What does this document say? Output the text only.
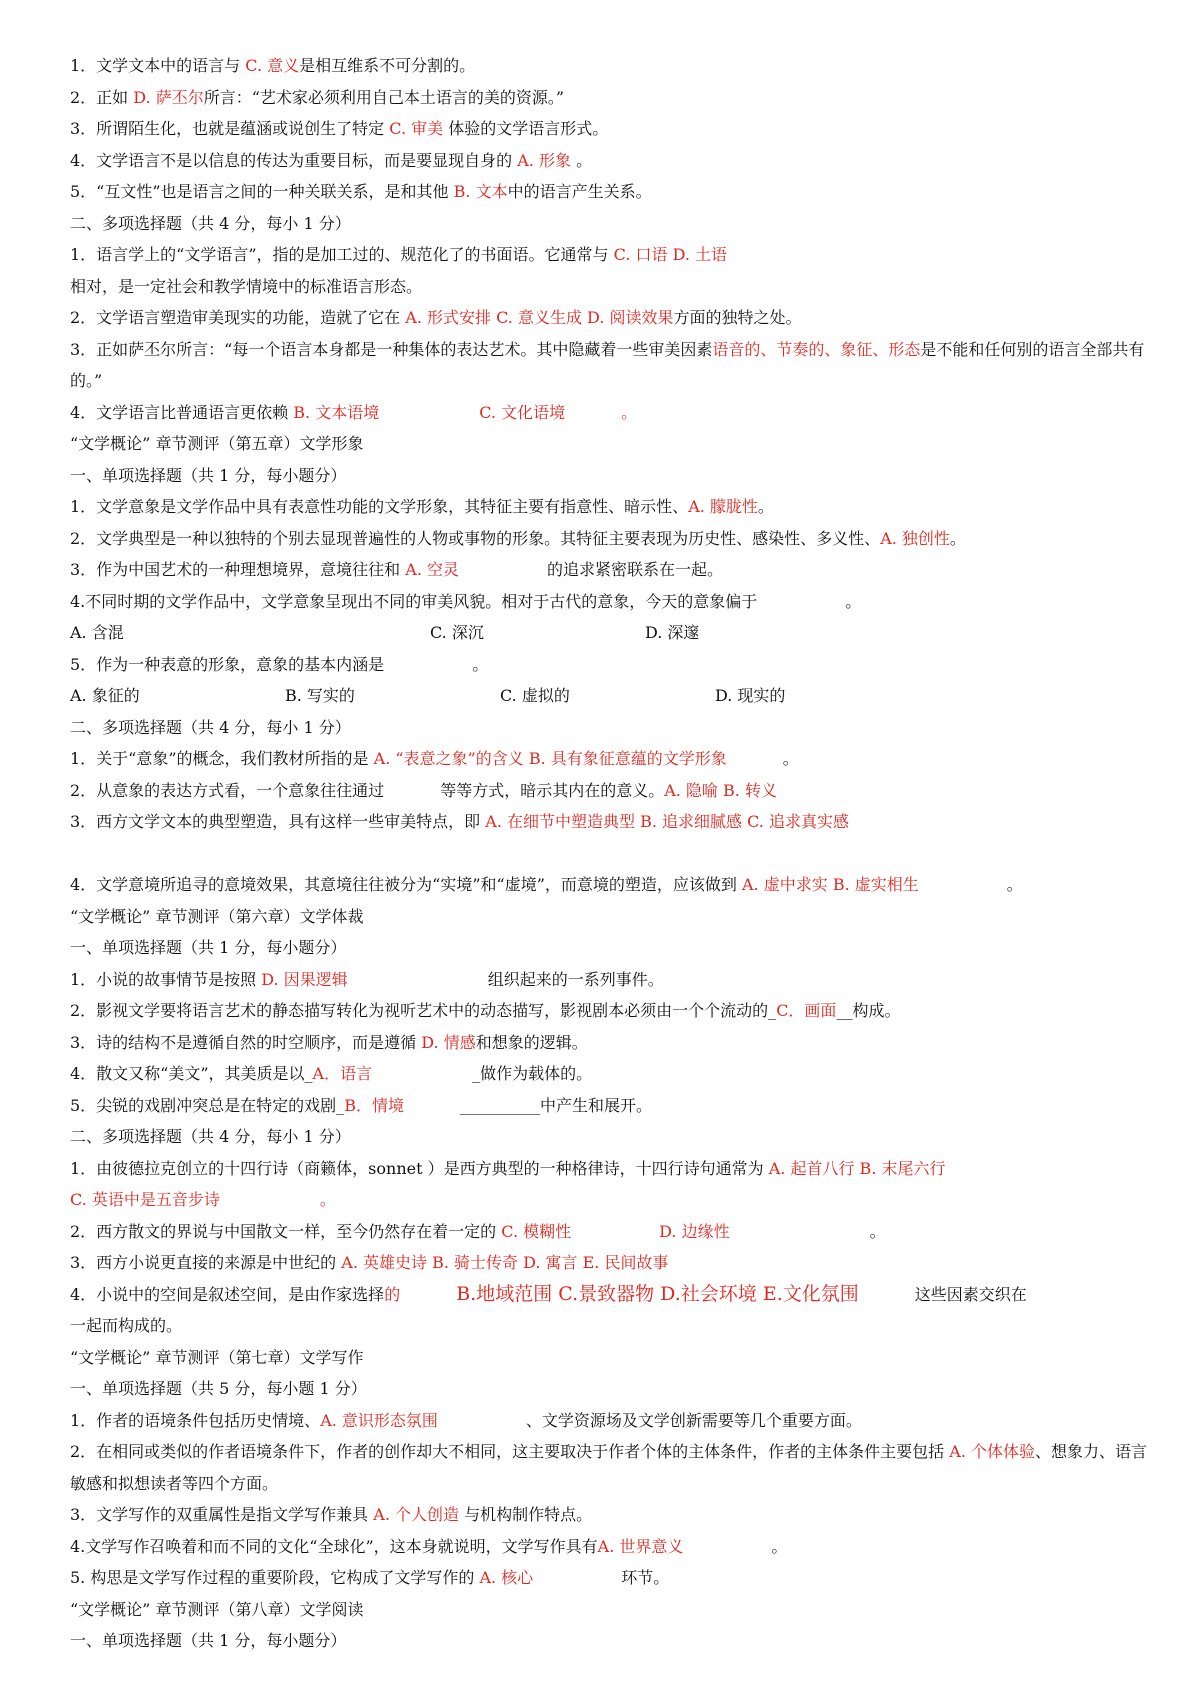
1．文学文本中的语言与 C. 意义是相互维系不可分割的。
2．正如 D. 萨丕尔所言：“艺术家必须利用自己本土语言的美的资源。”
3．所谓陌生化，也就是蕴涵或说创生了特定 C. 审美 体验的文学语言形式。
4．文学语言不是以信息的传达为重要目标，而是要显现自身的 A. 形象 。
5．“互文性”也是语言之间的一种关联关系，是和其他 B. 文本中的语言产生关系。
二、多项选择题（共 4 分，每小 1 分）
1．语言学上的“文学语言”，指的是加工过的、规范化了的书面语。它通常与 C. 口语 D. 土语
相对，是一定社会和教学情境中的标准语言形态。
2．文学语言塑造审美现实的功能，造就了它在 A. 形式安排 C. 意义生成 D. 阅读效果方面的独特之处。
3．正如萨丕尔所言：“每一个语言本身都是一种集体的表达艺术。其中隐藏着一些审美因素语音的、节奏的、象征、形态是不能和任何别的语言全部共有的。”
4．文学语言比普通语言更依赖 B. 文本语境	C. 文化语境	。
“文学概论” 章节测评（第五章）文学形象
一、单项选择题（共 1 分，每小题分）
1．文学意象是文学作品中具有表意性功能的文学形象，其特征主要有指意性、暗示性、A. 朦胧性。
2．文学典型是一种以独特的个别去显现普遍性的人物或事物的形象。其特征主要表现为历史性、感染性、多义性、A. 独创性。
3．作为中国艺术的一种理想境界，意境往往和 A. 空灵	的追求紧密联系在一起。
4.不同时期的文学作品中，文学意象呈现出不同的审美风貌。相对于古代的意象，今天的意象偏于	。
A. 含混	C. 深沉	D. 深邃
5．作为一种表意的形象，意象的基本内涵是	。
A. 象征的	B. 写实的	C. 虚拟的	D. 现实的
二、多项选择题（共 4 分，每小 1 分）
1．关于“意象”的概念，我们教材所指的是 A. “表意之象”的含义 B. 具有象征意蕴的文学形象	。
2．从意象的表达方式看，一个意象往往通过	等等方式，暗示其内在的意义。A. 隐喻 B. 转义
3．西方文学文本的典型塑造，具有这样一些审美特点，即 A. 在细节中塑造典型 B. 追求细腻感 C. 追求真实感
4．文学意境所追寻的意境效果，其意境往往被分为“实境”和“虚境”，而意境的塑造，应该做到 A. 虚中求实 B. 虚实相生	。
“文学概论” 章节测评（第六章）文学体裁
一、单项选择题（共 1 分，每小题分）
1．小说的故事情节是按照 D. 因果逻辑	组织起来的一系列事件。
2．影视文学要将语言艺术的静态描写转化为视听艺术中的动态描写，影视剧本必须由一个个流动的_C．画面__构成。
3．诗的结构不是遵循自然的时空顺序，而是遵循 D. 情感和想象的逻辑。
4．散文又称“美文”，其美质是以_A．语言	_做作为载体的。
5．尖锐的戏剧冲突总是在特定的戏剧_B．情境	__________中产生和展开。
二、多项选择题（共 4 分，每小 1 分）
1．由彼德拉克创立的十四行诗（商籁体，sonnet ）是西方典型的一种格律诗，十四行诗句通常为 A. 起首八行 B. 末尾六行
C. 英语中是五音步诗	。
2．西方散文的界说与中国散文一样，至今仍然存在着一定的 C. 模糊性	D. 边缘性	。
3．西方小说更直接的来源是中世纪的 A. 英雄史诗 B. 骑士传奇 D. 寓言 E. 民间故事
4．小说中的空间是叙述空间，是由作家选择的	B.地域范围 C.景致器物 D.社会环境 E.文化氛围	这些因素交织在
一起而构成的。
“文学概论” 章节测评（第七章）文学写作
一、单项选择题（共 5 分，每小题 1 分）
1．作者的语境条件包括历史情境、A. 意识形态氛围	、文学资源场及文学创新需要等几个重要方面。
2．在相同或类似的作者语境条件下，作者的创作却大不相同，这主要取决于作者个体的主体条件，作者的主体条件主要包括 A. 个体体验、想象力、语言敏感和拟想读者等四个方面。
3．文学写作的双重属性是指文学写作兼具 A. 个人创造 与机构制作特点。
4.文学写作召唤着和而不同的文化“全球化”，这本身就说明，文学写作具有A. 世界意义	。
5. 构思是文学写作过程的重要阶段，它构成了文学写作的 A. 核心	环节。
“文学概论” 章节测评（第八章）文学阅读
一、单项选择题（共 1 分，每小题分）
